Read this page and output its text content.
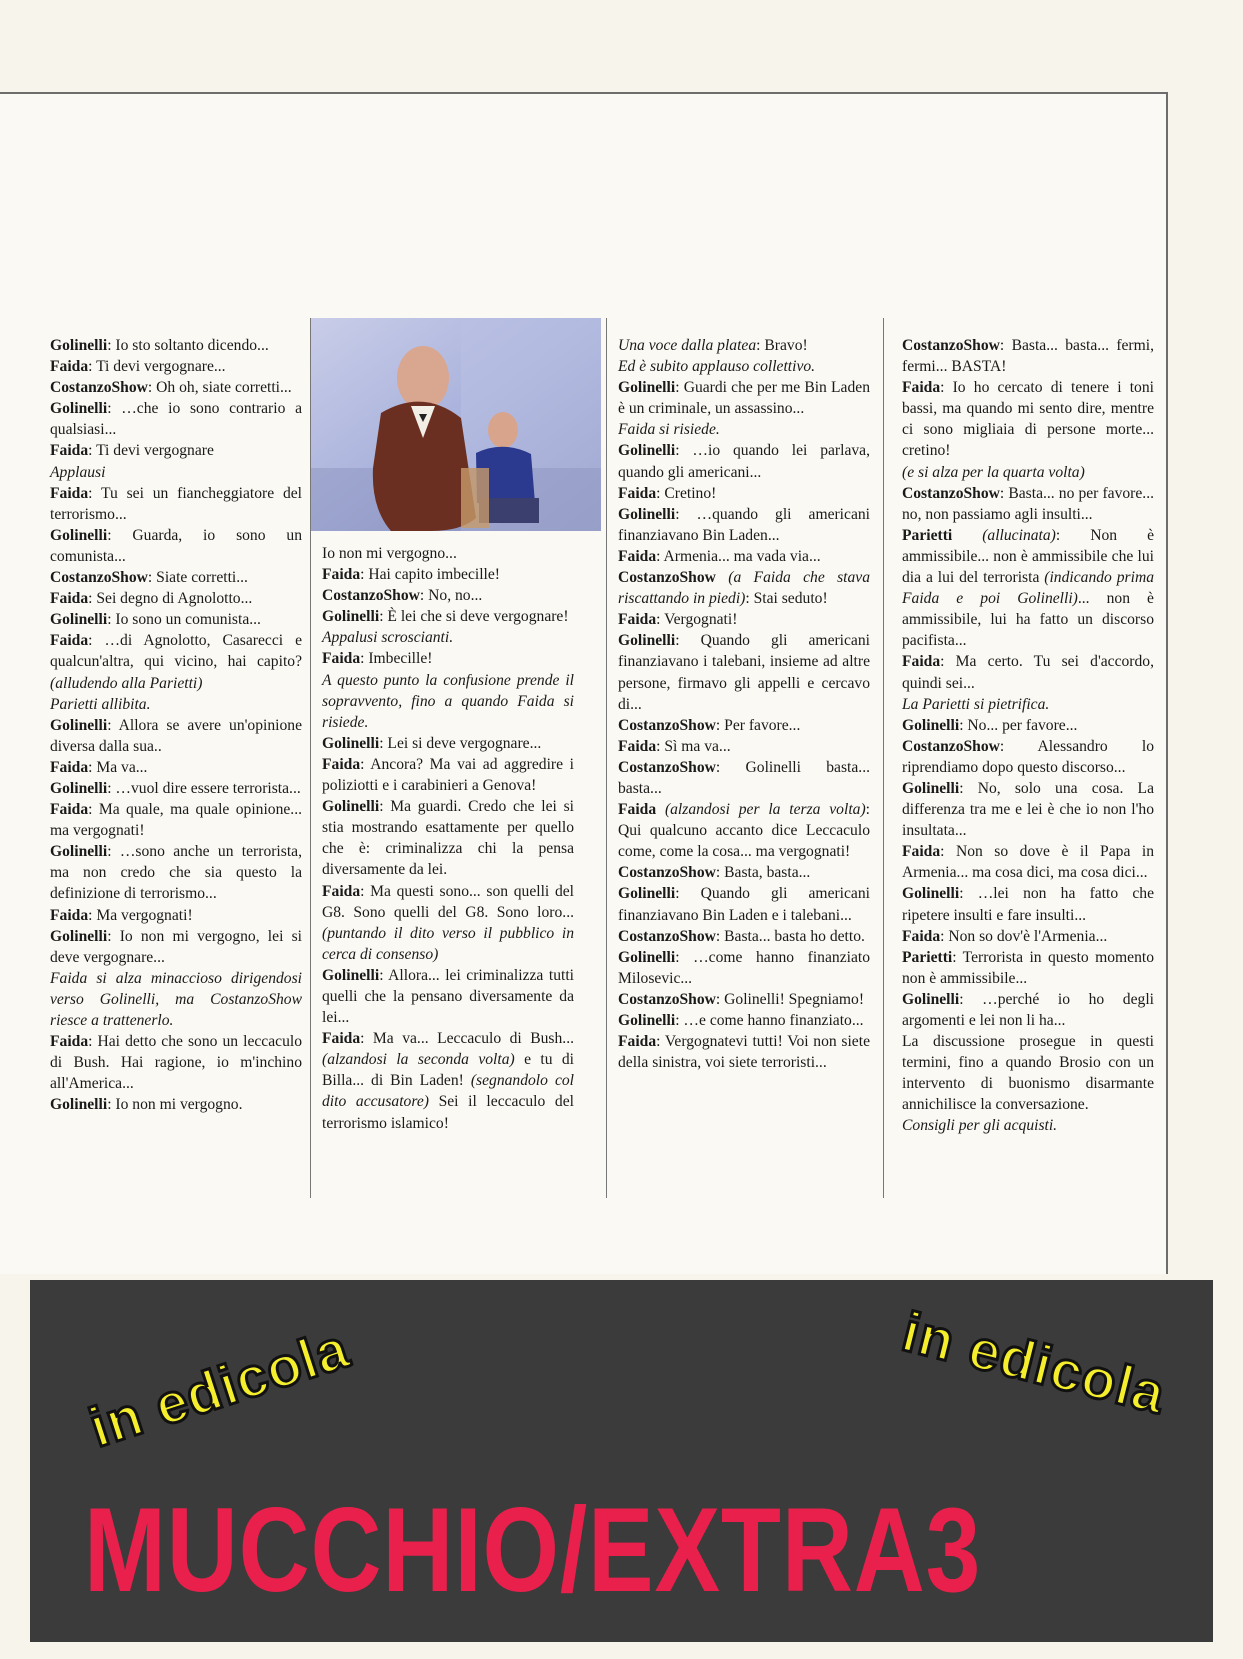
Golinelli: Io sto soltanto dicendo...

Faida: Ti devi vergognare...

CostanzoShow: Oh oh, siate corretti...

Golinelli: …che io sono contrario a qualsiasi...

Faida: Ti devi vergognare

Applausi

Faida: Tu sei un fiancheggiatore del terrorismo...

Golinelli: Guarda, io sono un comunista...

CostanzoShow: Siate corretti...

Faida: Sei degno di Agnolotto...

Golinelli: Io sono un comunista...

Faida: …di Agnolotto, Casarecci e qualcun'altra, qui vicino, hai capito? (alludendo alla Parietti)

Parietti allibita.

Golinelli: Allora se avere un'opinione diversa dalla sua..

Faida: Ma va...

Golinelli: …vuol dire essere terrorista...

Faida: Ma quale, ma quale opinione... ma vergognati!

Golinelli: …sono anche un terrorista, ma non credo che sia questo la definizione di terrorismo...

Faida: Ma vergognati!

Golinelli: Io non mi vergogno, lei si deve vergognare...

Faida si alza minaccioso dirigendosi verso Golinelli, ma CostanzoShow riesce a trattenerlo.

Faida: Hai detto che sono un leccaculo di Bush. Hai ragione, io m'inchino all'America...

Golinelli: Io non mi vergogno.

Io non mi vergogno...

Faida: Hai capito imbecille!

CostanzoShow: No, no...

Golinelli: È lei che si deve vergognare!

Appalusi scroscianti.

Faida: Imbecille!

A questo punto la confusione prende il sopravvento, fino a quando Faida si risiede.

Golinelli: Lei si deve vergognare...

Faida: Ancora? Ma vai ad aggredire i poliziotti e i carabinieri a Genova!

Golinelli: Ma guardi. Credo che lei si stia mostrando esattamente per quello che è: criminalizza chi la pensa diversamente da lei.

Faida: Ma questi sono... son quelli del G8. Sono quelli del G8. Sono loro... (puntando il dito verso il pubblico in cerca di consenso)

Golinelli: Allora... lei criminalizza tutti quelli che la pensano diversamente da lei...

Faida: Ma va... Leccaculo di Bush... (alzandosi la seconda volta) e tu di Billa... di Bin Laden! (segnandolo col dito accusatore) Sei il leccaculo del terrorismo islamico!

Una voce dalla platea: Bravo!

Ed è subito applauso collettivo.

Golinelli: Guardi che per me Bin Laden è un criminale, un assassino...

Faida si risiede.

Golinelli: …io quando lei parlava, quando gli americani...

Faida: Cretino!

Golinelli: …quando gli americani finanziavano Bin Laden...

Faida: Armenia... ma vada via...

CostanzoShow (a Faida che stava riscattando in piedi): Stai seduto!

Faida: Vergognati!

Golinelli: Quando gli americani finanziavano i talebani, insieme ad altre persone, firmavo gli appelli e cercavo di...

CostanzoShow: Per favore...

Faida: Sì ma va...

CostanzoShow: Golinelli basta... basta...

Faida (alzandosi per la terza volta): Qui qualcuno accanto dice Leccaculo come, come la cosa... ma vergognati!

CostanzoShow: Basta, basta...

Golinelli: Quando gli americani finanziavano Bin Laden e i talebani...

CostanzoShow: Basta... basta ho detto.

Golinelli: …come hanno finanziato Milosevic...

CostanzoShow: Golinelli! Spegniamo!

Golinelli: …e come hanno finanziato...

Faida: Vergognatevi tutti! Voi non siete della sinistra, voi siete terroristi...

CostanzoShow: Basta... basta... fermi, fermi... BASTA!

Faida: Io ho cercato di tenere i toni bassi, ma quando mi sento dire, mentre ci sono migliaia di persone morte... cretino!

(e si alza per la quarta volta)

CostanzoShow: Basta... no per favore... no, non passiamo agli insulti...

Parietti (allucinata): Non è ammissibile... non è ammissibile che lui dia a lui del terrorista (indicando prima Faida e poi Golinelli)... non è ammissibile, lui ha fatto un discorso pacifista...

Faida: Ma certo. Tu sei d'accordo, quindi sei...

La Parietti si pietrifica.

Golinelli: No... per favore...

CostanzoShow: Alessandro lo riprendiamo dopo questo discorso...

Golinelli: No, solo una cosa. La differenza tra me e lei è che io non l'ho insultata...

Faida: Non so dove è il Papa in Armenia... ma cosa dici, ma cosa dici...

Golinelli: …lei non ha fatto che ripetere insulti e fare insulti...

Faida: Non so dov'è l'Armenia...

Parietti: Terrorista in questo momento non è ammissibile...

Golinelli: …perché io ho degli argomenti e lei non li ha...

La discussione prosegue in questi termini, fino a quando Brosio con un intervento di buonismo disarmante annichilisce la conversazione.

Consigli per gli acquisti.

in edicola	in edicola
MUCCHIO/EXTRA3
